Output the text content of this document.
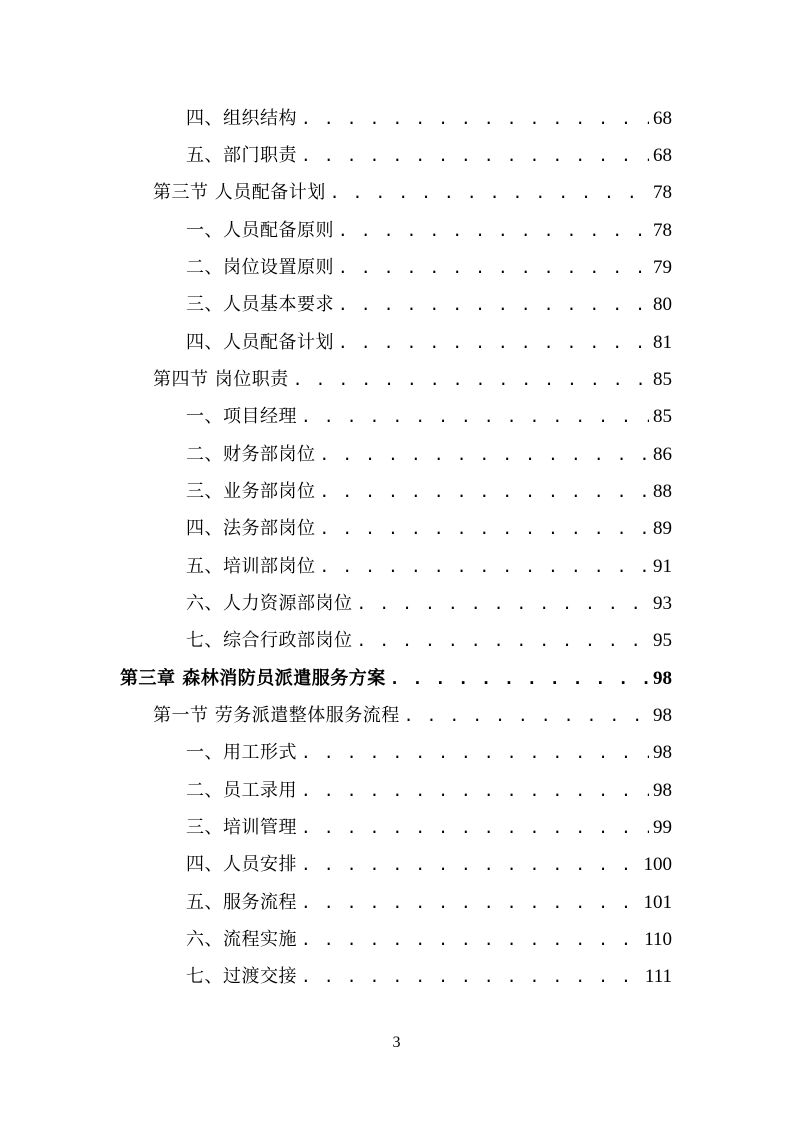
四、组织结构 . . .	68
五、部门职责 . . .	68
第三节 人员配备计划 . . .	78
一、人员配备原则 . . .	78
二、岗位设置原则 . . .	79
三、人员基本要求 . . .	80
四、人员配备计划 . . .	81
第四节 岗位职责 . . .	85
一、项目经理 . . .	85
二、财务部岗位 . . .	86
三、业务部岗位 . . .	88
四、法务部岗位 . . .	89
五、培训部岗位 . . .	91
六、人力资源部岗位 . . .	93
七、综合行政部岗位 . . .	95
第三章 森林消防员派遣服务方案 . . .	98
第一节 劳务派遣整体服务流程 . . .	98
一、用工形式 . . .	98
二、员工录用 . . .	98
三、培训管理 . . .	99
四、人员安排 . . .	100
五、服务流程 . . .	101
六、流程实施 . . .	110
七、过渡交接 . . .	111
3
